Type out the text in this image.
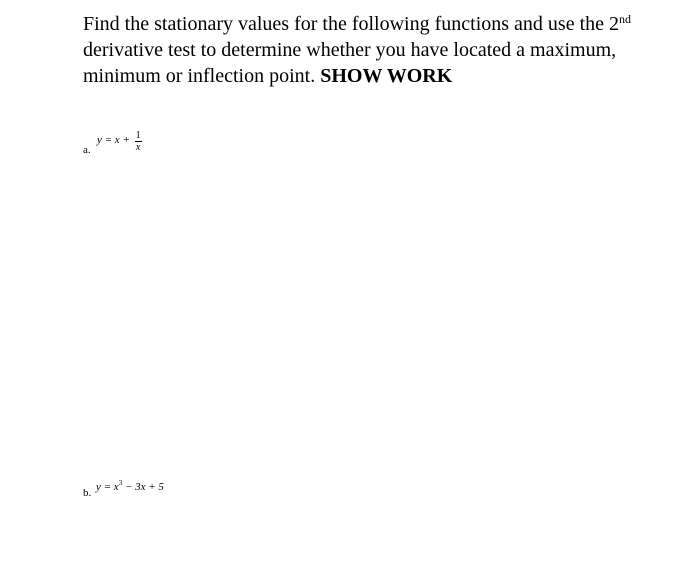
Find the stationary values for the following functions and use the 2nd derivative test to determine whether you have located a maximum, minimum or inflection point. SHOW WORK

a.
$y = x + \frac{1}{x}$
b. $y = x^3 - 3x + 5$
